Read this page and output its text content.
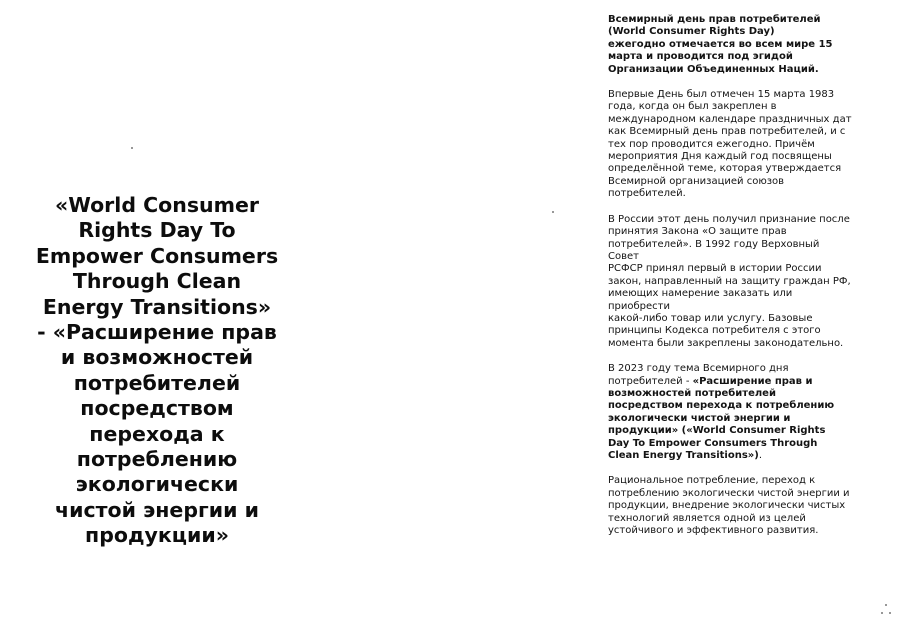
«World Consumer
Rights Day To
Empower Consumers
Through Clean
Energy Transitions»
- «Расширение прав
и возможностей
потребителей
посредством
перехода к
потреблению
экологически
чистой энергии и
продукции»

Всемирный день прав потребителей
(World Consumer Rights Day)
ежегодно отмечается во всем мире 15
марта и проводится под эгидой
Организации Объединенных Наций.

Впервые День был отмечен 15 марта 1983
года, когда он был закреплен в
международном календаре праздничных дат
как Всемирный день прав потребителей, и с
тех пор проводится ежегодно. Причём
мероприятия Дня каждый год посвящены
определённой теме, которая утверждается
Всемирной организацией союзов
потребителей.

В России этот день получил признание после
принятия Закона «О защите прав
потребителей». В 1992 году Верховный Совет
РСФСР принял первый в истории России
закон, направленный на защиту граждан РФ,
имеющих намерение заказать или приобрести
какой-либо товар или услугу. Базовые
принципы Кодекса потребителя с этого
момента были закреплены законодательно.

В 2023 году тема Всемирного дня
потребителей - «Расширение прав и
возможностей потребителей
посредством перехода к потреблению
экологически чистой энергии и
продукции» («World Consumer Rights
Day To Empower Consumers Through
Clean Energy Transitions»).

Рациональное потребление, переход к
потреблению экологически чистой энергии и
продукции, внедрение экологически чистых
технологий является одной из целей
устойчивого и эффективного развития.
